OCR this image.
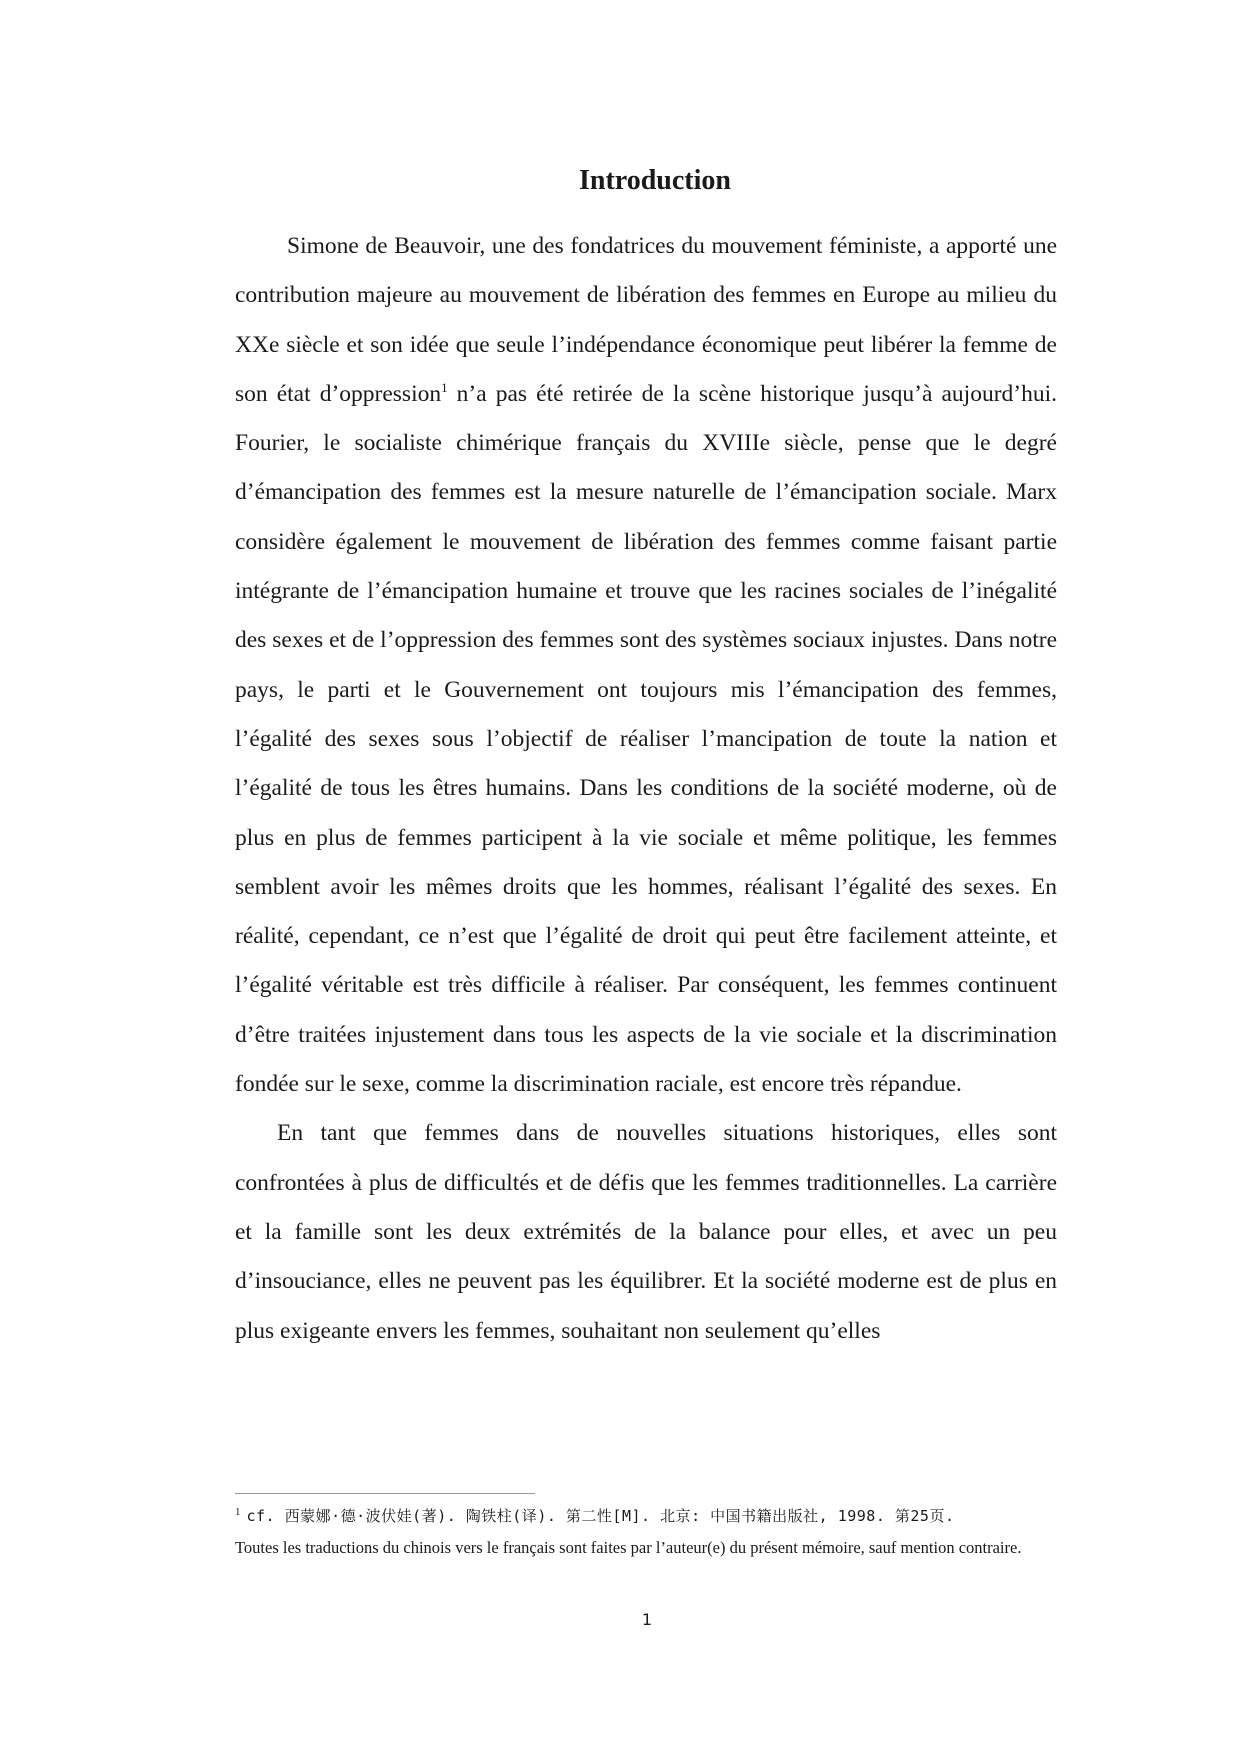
Introduction

Simone de Beauvoir, une des fondatrices du mouvement féministe, a apporté une contribution majeure au mouvement de libération des femmes en Europe au milieu du XXe siècle et son idée que seule l’indépendance économique peut libérer la femme de son état d’oppression$^1$ n’a pas été retirée de la scène historique jusqu’à aujourd’hui. Fourier, le socialiste chimérique français du XVIIIe siècle, pense que le degré d’émancipation des femmes est la mesure naturelle de l’émancipation sociale. Marx considère également le mouvement de libération des femmes comme faisant partie intégrante de l’émancipation humaine et trouve que les racines sociales de l’inégalité des sexes et de l’oppression des femmes sont des systèmes sociaux injustes. Dans notre pays, le parti et le Gouvernement ont toujours mis l’émancipation des femmes, l’égalité des sexes sous l’objectif de réaliser l’mancipation de toute la nation et l’égalité de tous les êtres humains. Dans les conditions de la société moderne, où de plus en plus de femmes participent à la vie sociale et même politique, les femmes semblent avoir les mêmes droits que les hommes, réalisant l’égalité des sexes. En réalité, cependant, ce n’est que l’égalité de droit qui peut être facilement atteinte, et l’égalité véritable est très difficile à réaliser. Par conséquent, les femmes continuent d’être traitées injustement dans tous les aspects de la vie sociale et la discrimination fondée sur le sexe, comme la discrimination raciale, est encore très répandue.

En tant que femmes dans de nouvelles situations historiques, elles sont confrontées à plus de difficultés et de défis que les femmes traditionnelles. La carrière et la famille sont les deux extrémités de la balance pour elles, et avec un peu d’insouciance, elles ne peuvent pas les équilibrer. Et la société moderne est de plus en plus exigeante envers les femmes, souhaitant non seulement qu’elles

$^1$ cf. 西蒙娜·德·波伏娃(著). 陶铁柱(译). 第二性[M]. 北京: 中国书籍出版社, 1998. 第25页.

Toutes les traductions du chinois vers le français sont faites par l’auteur(e) du présent mémoire, sauf mention contraire.

1
